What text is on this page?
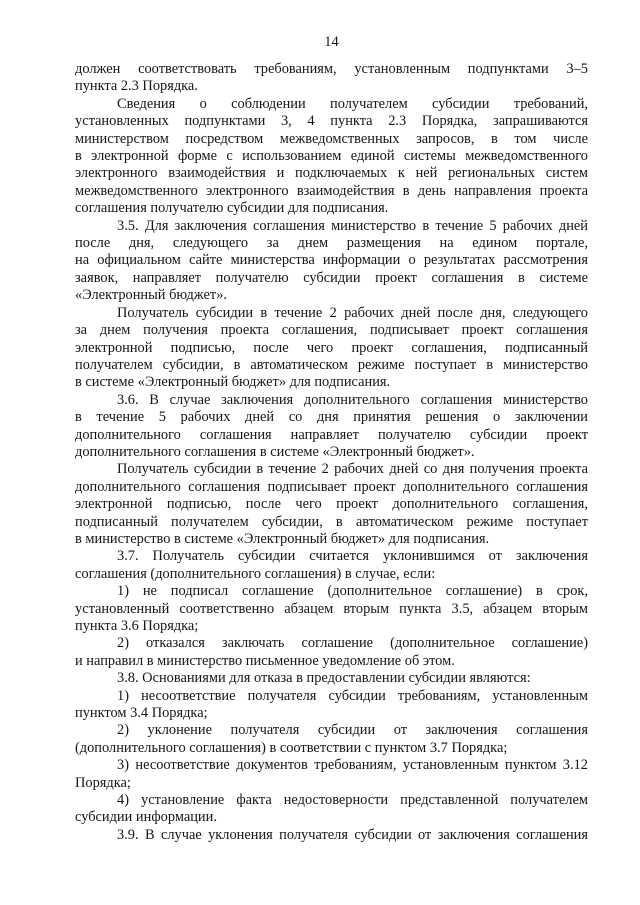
14
должен соответствовать требованиям, установленным подпунктами 3–5
пункта 2.3 Порядка.
Сведения о соблюдении получателем субсидии требований,
установленных подпунктами 3, 4 пункта 2.3 Порядка, запрашиваются
министерством посредством межведомственных запросов, в том числе
в электронной форме с использованием единой системы межведомственного
электронного взаимодействия и подключаемых к ней региональных систем
межведомственного электронного взаимодействия в день направления проекта
соглашения получателю субсидии для подписания.
3.5. Для заключения соглашения министерство в течение 5 рабочих дней
после дня, следующего за днем размещения на едином портале,
на официальном сайте министерства информации о результатах рассмотрения
заявок, направляет получателю субсидии проект соглашения в системе
«Электронный бюджет».
Получатель субсидии в течение 2 рабочих дней после дня, следующего
за днем получения проекта соглашения, подписывает проект соглашения
электронной подписью, после чего проект соглашения, подписанный
получателем субсидии, в автоматическом режиме поступает в министерство
в системе «Электронный бюджет» для подписания.
3.6. В случае заключения дополнительного соглашения министерство
в течение 5 рабочих дней со дня принятия решения о заключении
дополнительного соглашения направляет получателю субсидии проект
дополнительного соглашения в системе «Электронный бюджет».
Получатель субсидии в течение 2 рабочих дней со дня получения проекта
дополнительного соглашения подписывает проект дополнительного соглашения
электронной подписью, после чего проект дополнительного соглашения,
подписанный получателем субсидии, в автоматическом режиме поступает
в министерство в системе «Электронный бюджет» для подписания.
3.7. Получатель субсидии считается уклонившимся от заключения
соглашения (дополнительного соглашения) в случае, если:
1) не подписал соглашение (дополнительное соглашение) в срок,
установленный соответственно абзацем вторым пункта 3.5, абзацем вторым
пункта 3.6 Порядка;
2) отказался заключать соглашение (дополнительное соглашение)
и направил в министерство письменное уведомление об этом.
3.8. Основаниями для отказа в предоставлении субсидии являются:
1) несоответствие получателя субсидии требованиям, установленным
пунктом 3.4 Порядка;
2) уклонение получателя субсидии от заключения соглашения
(дополнительного соглашения) в соответствии с пунктом 3.7 Порядка;
3) несоответствие документов требованиям, установленным пунктом 3.12
Порядка;
4) установление факта недостоверности представленной получателем
субсидии информации.
3.9. В случае уклонения получателя субсидии от заключения соглашения
